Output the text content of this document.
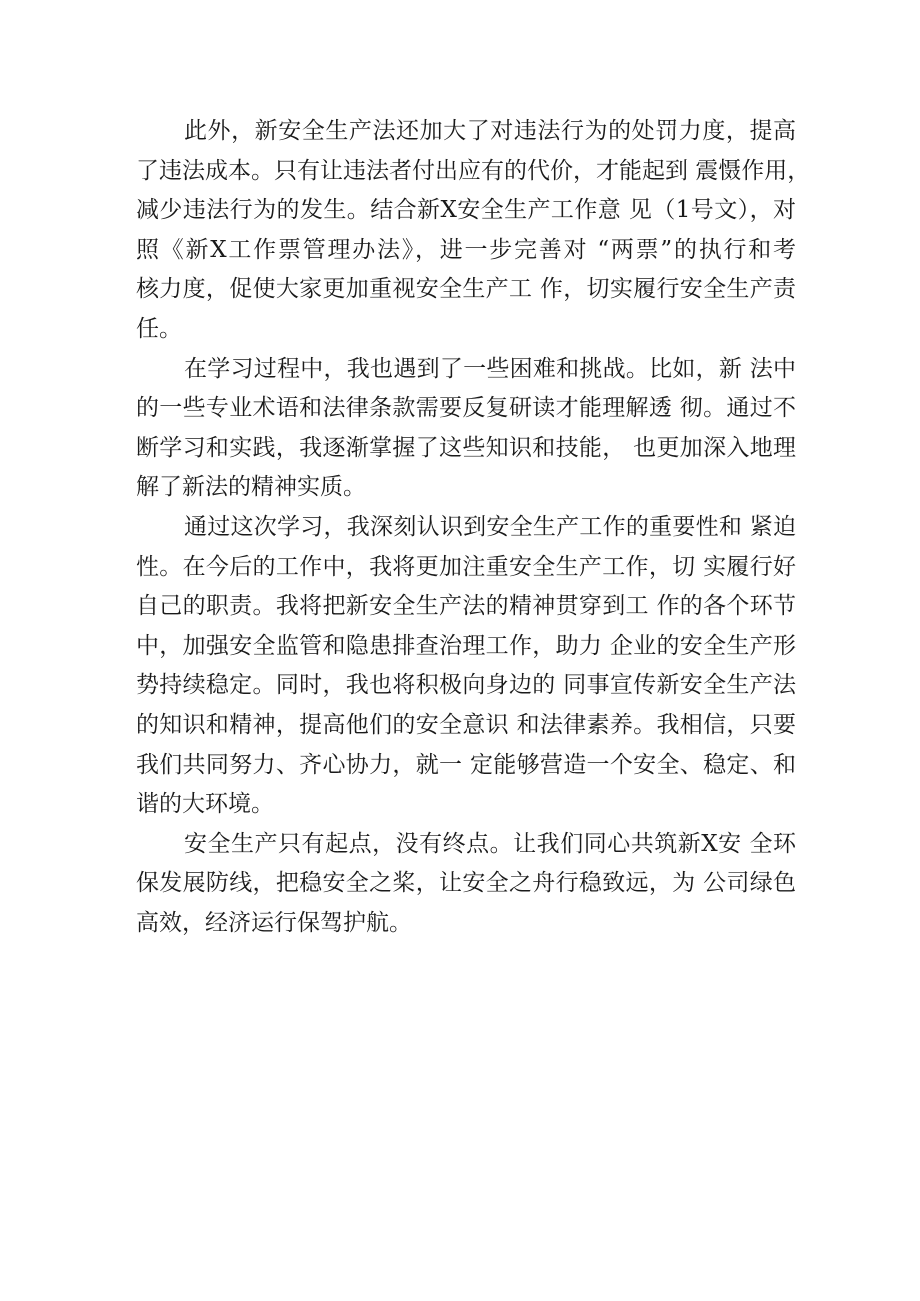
此外，新安全生产法还加大了对违法行为的处罚力度，提高
了违法成本。只有让违法者付出应有的代价，才能起到 震慑作用，
减少违法行为的发生。结合新X安全生产工作意 见（1号文），对
照《新X工作票管理办法》，进一步完善对 “两票”的执行和考
核力度，促使大家更加重视安全生产工 作，切实履行安全生产责
任。
在学习过程中，我也遇到了一些困难和挑战。比如，新 法中
的一些专业术语和法律条款需要反复研读才能理解透 彻。通过不
断学习和实践，我逐渐掌握了这些知识和技能， 也更加深入地理
解了新法的精神实质。
通过这次学习，我深刻认识到安全生产工作的重要性和 紧迫
性。在今后的工作中，我将更加注重安全生产工作，切 实履行好
自己的职责。我将把新安全生产法的精神贯穿到工 作的各个环节
中，加强安全监管和隐患排查治理工作，助力 企业的安全生产形
势持续稳定。同时，我也将积极向身边的 同事宣传新安全生产法
的知识和精神，提高他们的安全意识 和法律素养。我相信，只要
我们共同努力、齐心协力，就一 定能够营造一个安全、稳定、和
谐的大环境。
安全生产只有起点，没有终点。让我们同心共筑新X安 全环
保发展防线，把稳安全之桨，让安全之舟行稳致远，为 公司绿色
高效，经济运行保驾护航。
